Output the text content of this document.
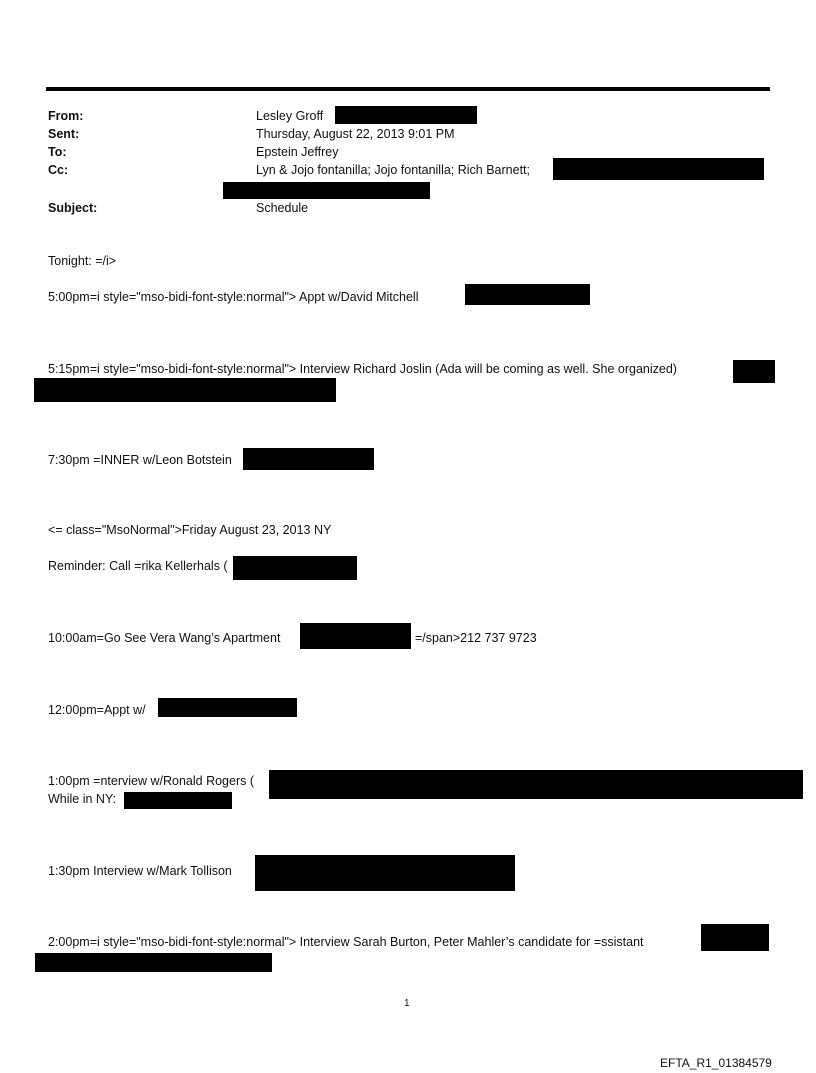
From:
Sent:
To:
Cc:
Subject:
Lesley Groff
Thursday, August 22, 2013 9:01 PM
Epstein Jeffrey
Lyn & Jojo fontanilla; Jojo fontanilla; Rich Barnett;
Schedule
Tonight: =/i>
5:00pm=i style="mso-bidi-font-style:normal"> Appt w/David Mitchell
5:15pm=i style="mso-bidi-font-style:normal"> Interview Richard Joslin (Ada will be coming as well. She organized)
7:30pm =INNER w/Leon Botstein
<= class="MsoNormal">Friday August 23, 2013 NY
Reminder: Call =rika Kellerhals (
10:00am=Go See Vera Wang’s Apartment	=/span>212 737 9723
12:00pm=Appt w/
1:00pm =nterview w/Ronald Rogers (
While in NY:
1:30pm Interview w/Mark Tollison
2:00pm=i style="mso-bidi-font-style:normal"> Interview Sarah Burton, Peter Mahler’s candidate for =ssistant
1
EFTA_R1_01384579
